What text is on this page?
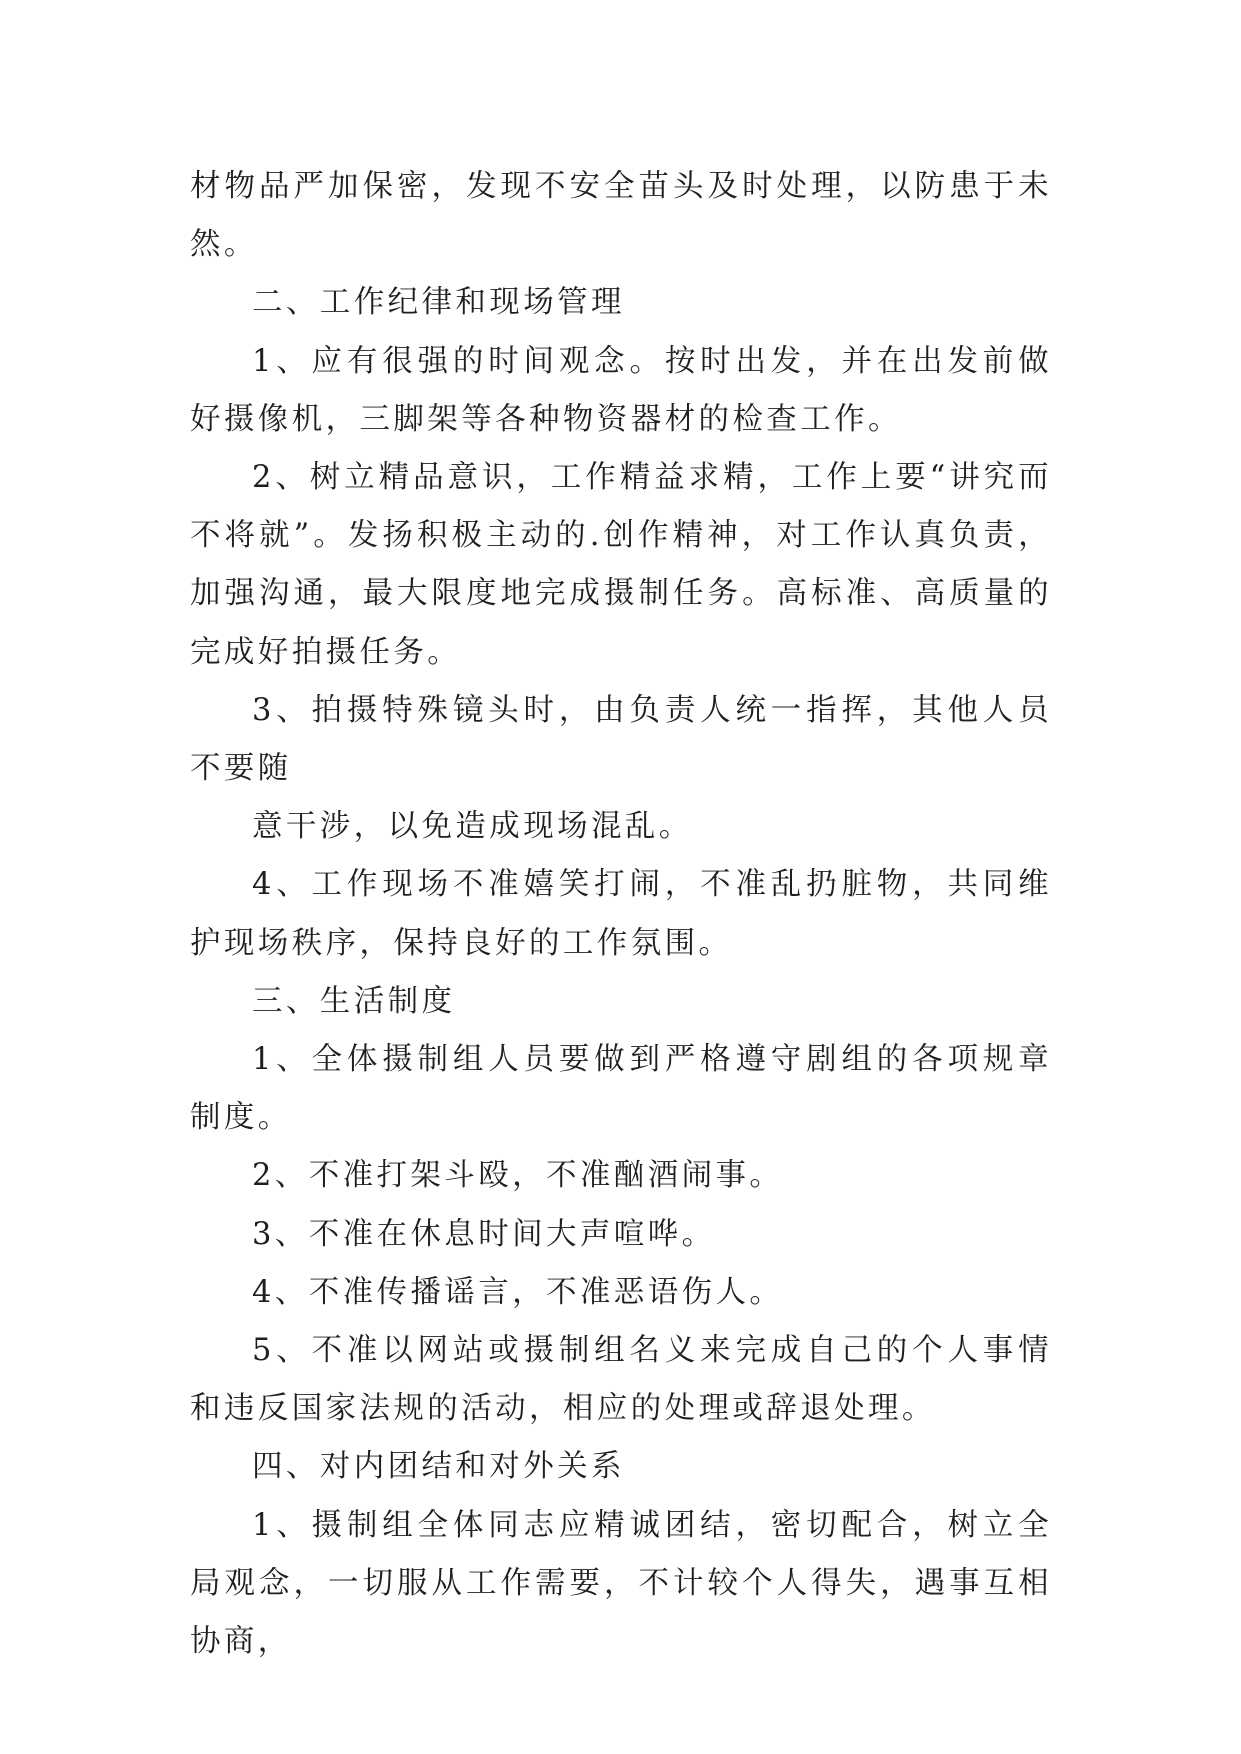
材物品严加保密，发现不安全苗头及时处理，以防患于未然。

二、工作纪律和现场管理

1、应有很强的时间观念。按时出发，并在出发前做好摄像机，三脚架等各种物资器材的检查工作。

2、树立精品意识，工作精益求精，工作上要“讲究而不将就”。发扬积极主动的.创作精神，对工作认真负责，加强沟通，最大限度地完成摄制任务。高标准、高质量的完成好拍摄任务。

3、拍摄特殊镜头时，由负责人统一指挥，其他人员不要随

意干涉，以免造成现场混乱。

4、工作现场不准嬉笑打闹，不准乱扔脏物，共同维护现场秩序，保持良好的工作氛围。

三、生活制度

1、全体摄制组人员要做到严格遵守剧组的各项规章制度。

2、不准打架斗殴，不准酗酒闹事。

3、不准在休息时间大声喧哗。

4、不准传播谣言，不准恶语伤人。

5、不准以网站或摄制组名义来完成自己的个人事情和违反国家法规的活动，相应的处理或辞退处理。

四、对内团结和对外关系

1、摄制组全体同志应精诚团结，密切配合，树立全局观念，一切服从工作需要，不计较个人得失，遇事互相协商，
